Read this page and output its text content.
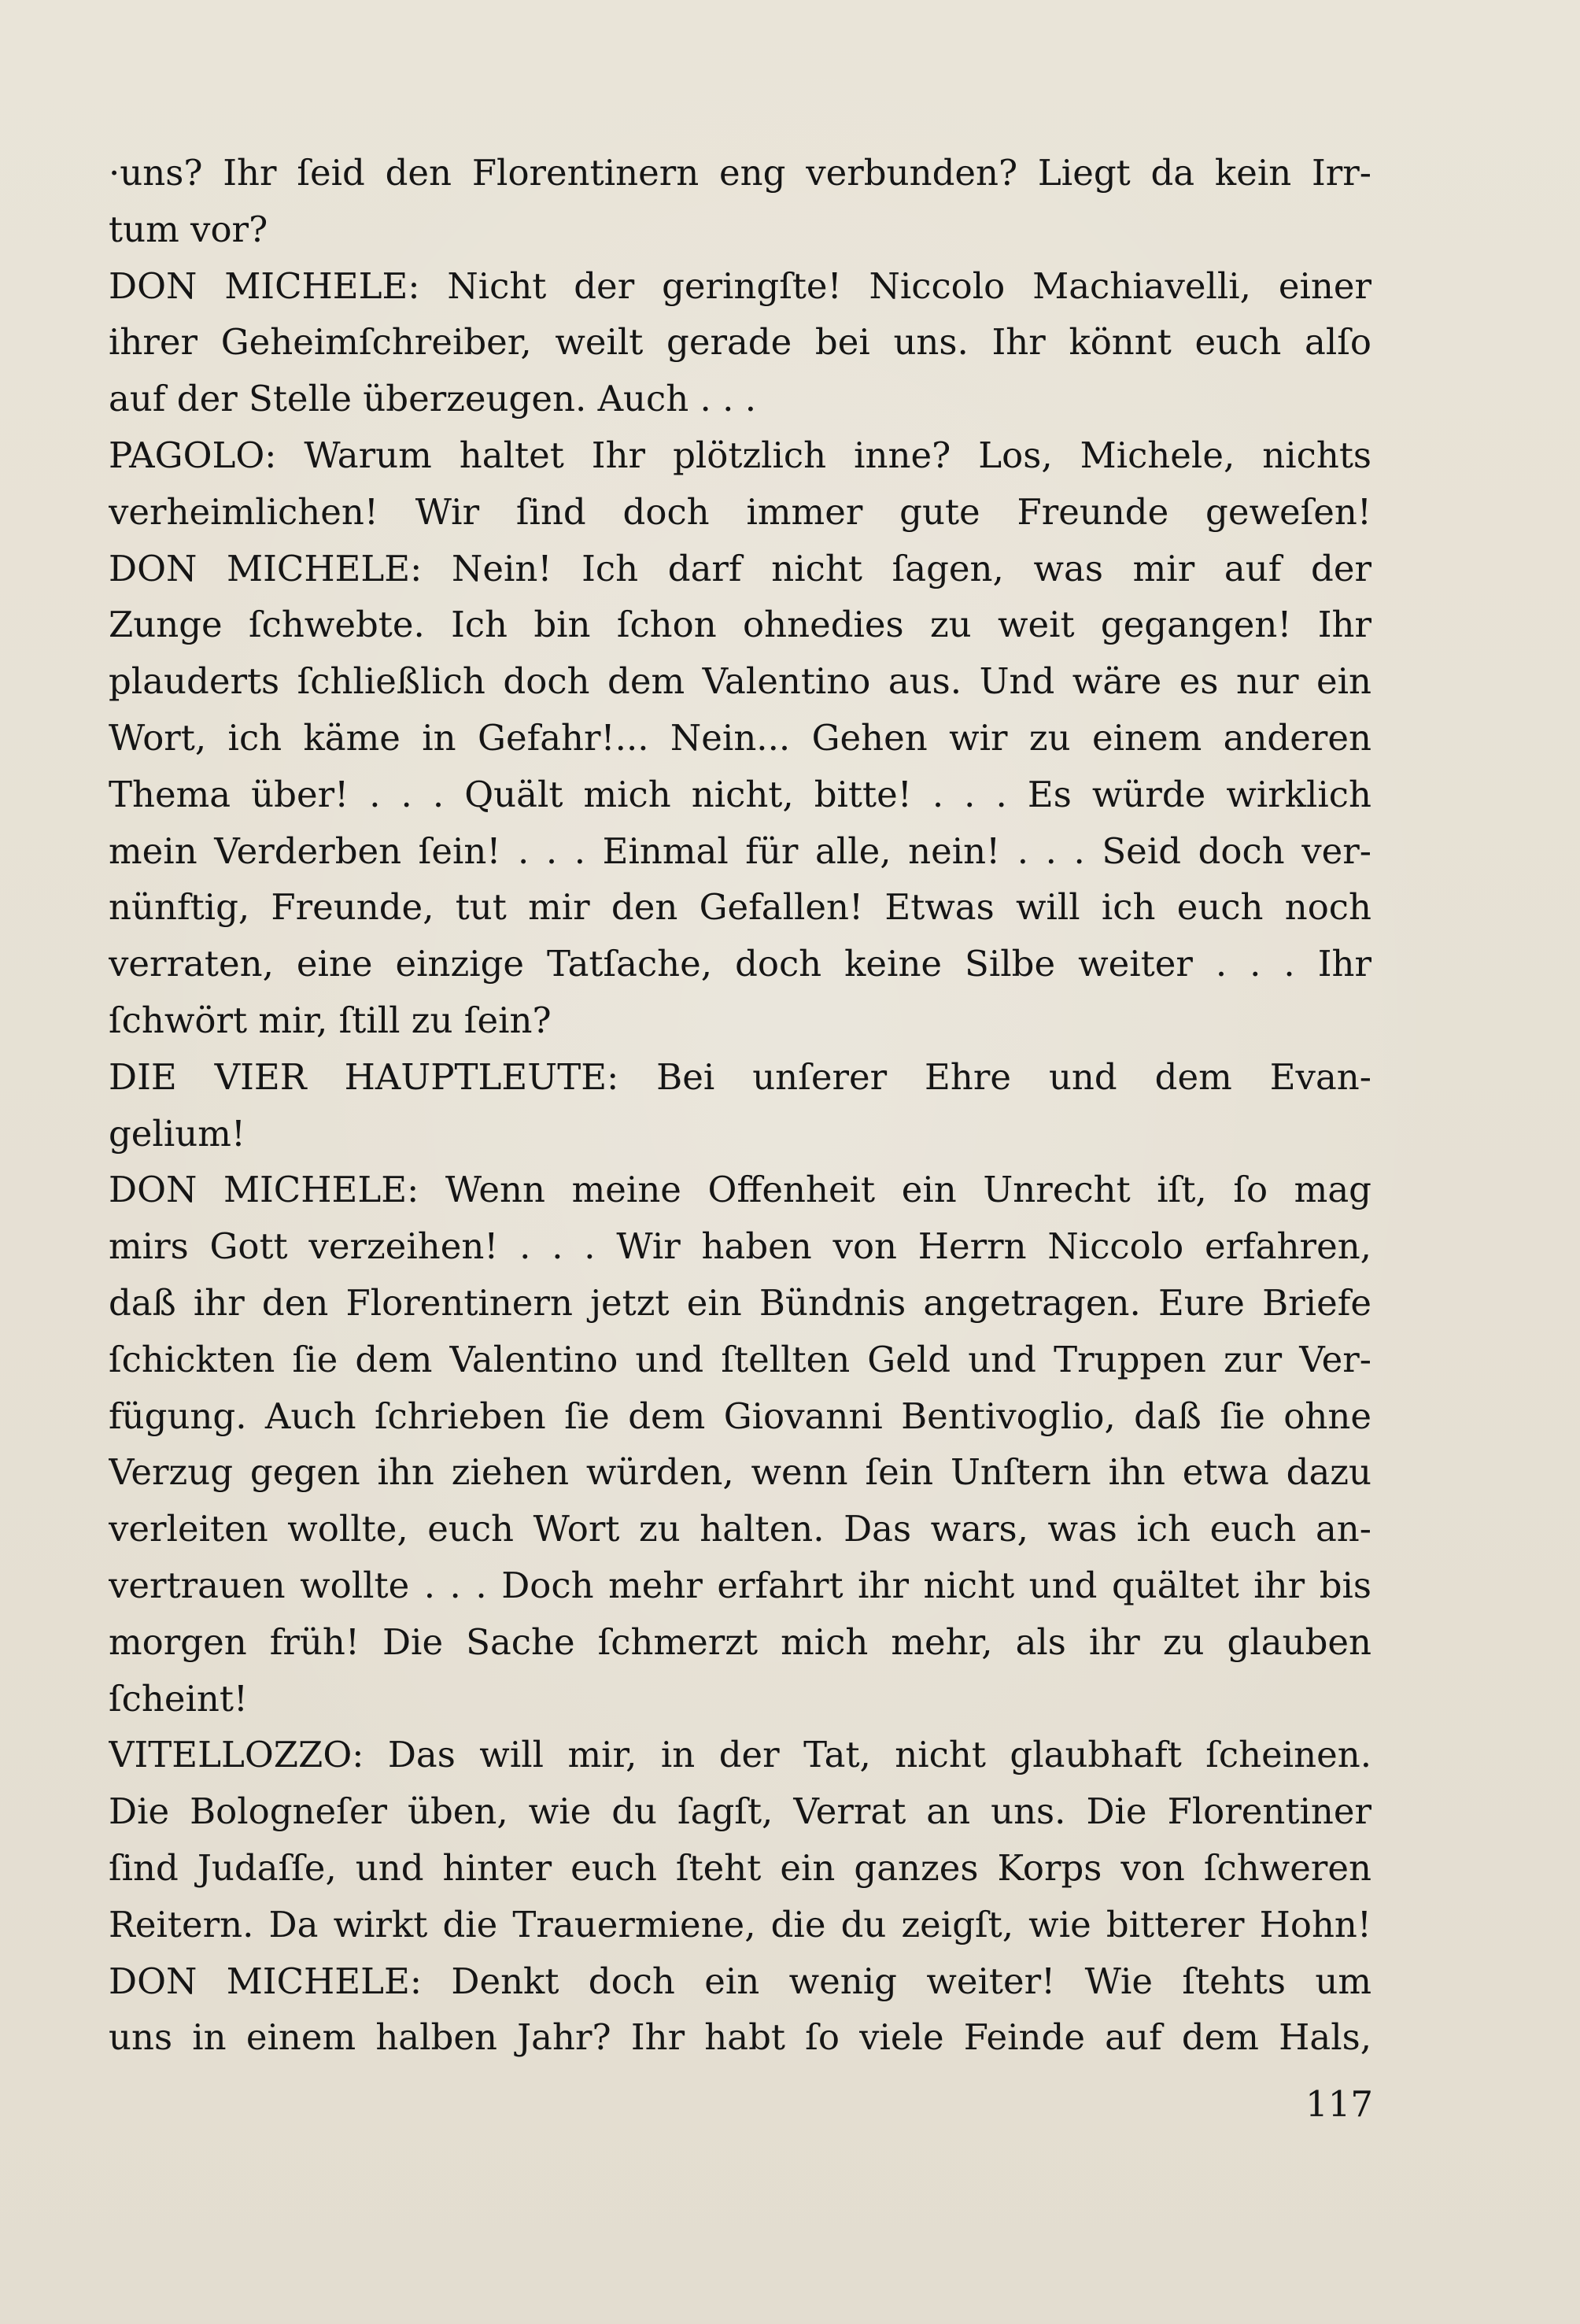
·uns? Ihr ſeid den Florentinern eng verbunden? Liegt da kein Irr-
tum vor?
DON MICHELE: Nicht der geringſte! Niccolo Machiavelli, einer
ihrer Geheimſchreiber, weilt gerade bei uns. Ihr könnt euch alſo
auf der Stelle überzeugen. Auch . . .
PAGOLO: Warum haltet Ihr plötzlich inne? Los, Michele, nichts
verheimlichen! Wir ſind doch immer gute Freunde geweſen!
DON MICHELE: Nein! Ich darf nicht ſagen, was mir auf der
Zunge ſchwebte. Ich bin ſchon ohnedies zu weit gegangen! Ihr
plauderts ſchließlich doch dem Valentino aus. Und wäre es nur ein
Wort, ich käme in Gefahr!... Nein... Gehen wir zu einem anderen
Thema über! . . . Quält mich nicht, bitte! . . . Es würde wirklich
mein Verderben ſein! . . . Einmal für alle, nein! . . . Seid doch ver-
nünftig, Freunde, tut mir den Gefallen! Etwas will ich euch noch
verraten, eine einzige Tatſache, doch keine Silbe weiter . . . Ihr
ſchwört mir, ſtill zu ſein?
DIE VIER HAUPTLEUTE: Bei unſerer Ehre und dem Evan-
gelium!
DON MICHELE: Wenn meine Offenheit ein Unrecht iſt, ſo mag
mirs Gott verzeihen! . . . Wir haben von Herrn Niccolo erfahren,
daß ihr den Florentinern jetzt ein Bündnis angetragen. Eure Briefe
ſchickten ſie dem Valentino und ſtellten Geld und Truppen zur Ver-
fügung. Auch ſchrieben ſie dem Giovanni Bentivoglio, daß ſie ohne
Verzug gegen ihn ziehen würden, wenn ſein Unſtern ihn etwa dazu
verleiten wollte, euch Wort zu halten. Das wars, was ich euch an-
vertrauen wollte . . . Doch mehr erfahrt ihr nicht und quältet ihr bis
morgen früh! Die Sache ſchmerzt mich mehr, als ihr zu glauben
ſcheint!
VITELLOZZO: Das will mir, in der Tat, nicht glaubhaft ſcheinen.
Die Bologneſer üben, wie du ſagſt, Verrat an uns. Die Florentiner
ſind Judaſſe, und hinter euch ſteht ein ganzes Korps von ſchweren
Reitern. Da wirkt die Trauermiene, die du zeigſt, wie bitterer Hohn!
DON MICHELE: Denkt doch ein wenig weiter! Wie ſtehts um
uns in einem halben Jahr? Ihr habt ſo viele Feinde auf dem Hals,
117
